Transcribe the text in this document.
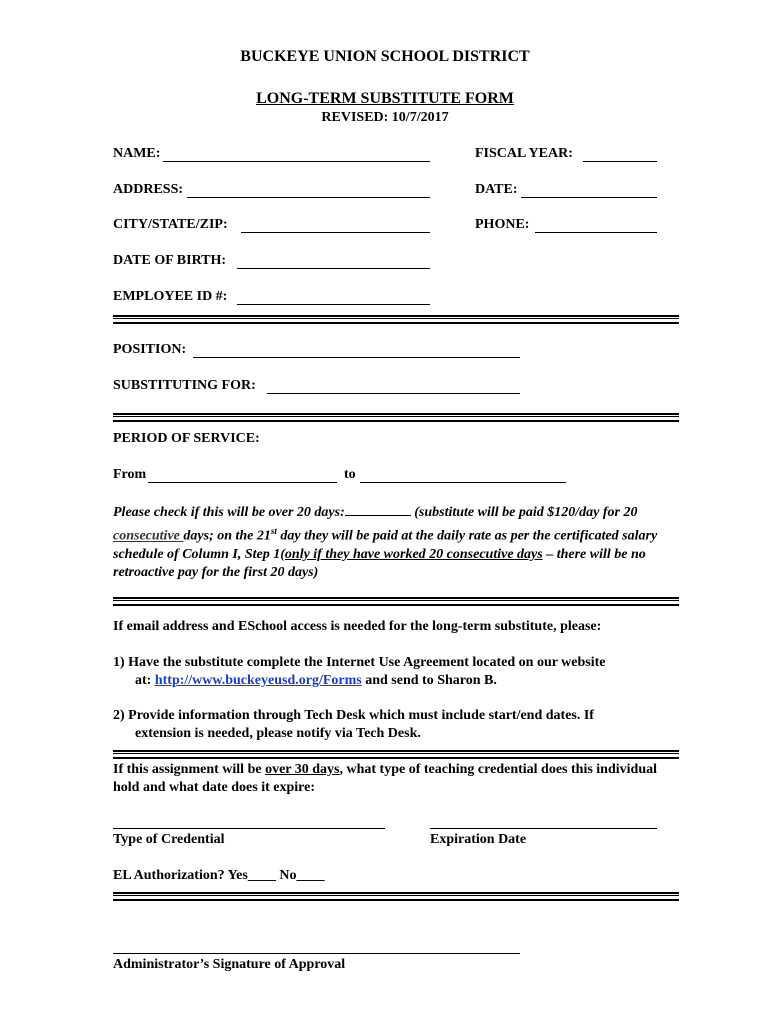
BUCKEYE UNION SCHOOL DISTRICT
LONG-TERM SUBSTITUTE FORM
REVISED: 10/7/2017
NAME:	FISCAL YEAR:
ADDRESS:	DATE:
CITY/STATE/ZIP:	PHONE:
DATE OF BIRTH:
EMPLOYEE ID #:
POSITION:
SUBSTITUTING FOR:
PERIOD OF SERVICE:
From	to
Please check if this will be over 20 days:	(substitute will be paid $120/day for 20 consecutive days; on the 21st day they will be paid at the daily rate as per the certificated salary schedule of Column I, Step 1(only if they have worked 20 consecutive days – there will be no retroactive pay for the first 20 days)
If email address and ESchool access is needed for the long-term substitute, please:
1) Have the substitute complete the Internet Use Agreement located on our website
at: http://www.buckeyeusd.org/Forms and send to Sharon B.
2) Provide information through Tech Desk which must include start/end dates. If
extension is needed, please notify via Tech Desk.
If this assignment will be over 30 days, what type of teaching credential does this individual hold and what date does it expire:
Type of Credential	Expiration Date
EL Authorization? Yes____ No____
Administrator’s Signature of Approval
